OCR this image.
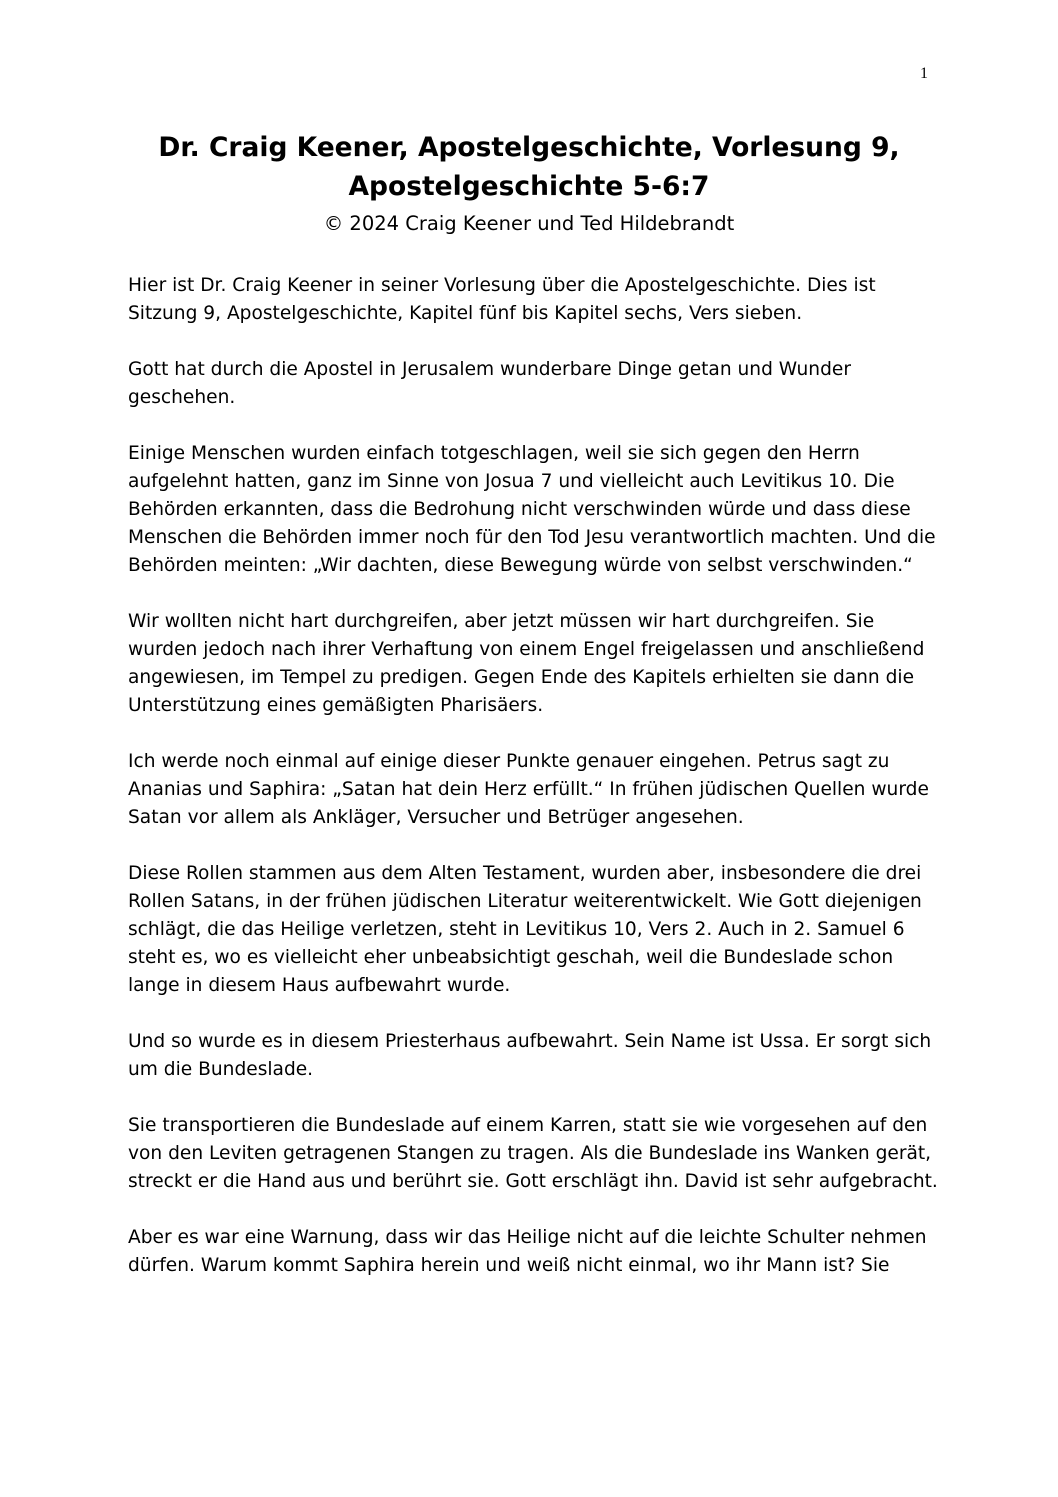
1
Dr. Craig Keener, Apostelgeschichte, Vorlesung 9,
Apostelgeschichte 5-6:7
© 2024 Craig Keener und Ted Hildebrandt

Hier ist Dr. Craig Keener in seiner Vorlesung über die Apostelgeschichte. Dies ist Sitzung 9, Apostelgeschichte, Kapitel fünf bis Kapitel sechs, Vers sieben.

Gott hat durch die Apostel in Jerusalem wunderbare Dinge getan und Wunder geschehen.

Einige Menschen wurden einfach totgeschlagen, weil sie sich gegen den Herrn aufgelehnt hatten, ganz im Sinne von Josua 7 und vielleicht auch Levitikus 10. Die Behörden erkannten, dass die Bedrohung nicht verschwinden würde und dass diese Menschen die Behörden immer noch für den Tod Jesu verantwortlich machten. Und die Behörden meinten: „Wir dachten, diese Bewegung würde von selbst verschwinden.“

Wir wollten nicht hart durchgreifen, aber jetzt müssen wir hart durchgreifen. Sie wurden jedoch nach ihrer Verhaftung von einem Engel freigelassen und anschließend angewiesen, im Tempel zu predigen. Gegen Ende des Kapitels erhielten sie dann die Unterstützung eines gemäßigten Pharisäers.

Ich werde noch einmal auf einige dieser Punkte genauer eingehen. Petrus sagt zu Ananias und Saphira: „Satan hat dein Herz erfüllt.“ In frühen jüdischen Quellen wurde Satan vor allem als Ankläger, Versucher und Betrüger angesehen.

Diese Rollen stammen aus dem Alten Testament, wurden aber, insbesondere die drei Rollen Satans, in der frühen jüdischen Literatur weiterentwickelt. Wie Gott diejenigen schlägt, die das Heilige verletzen, steht in Levitikus 10, Vers 2. Auch in 2. Samuel 6 steht es, wo es vielleicht eher unbeabsichtigt geschah, weil die Bundeslade schon lange in diesem Haus aufbewahrt wurde.

Und so wurde es in diesem Priesterhaus aufbewahrt. Sein Name ist Ussa. Er sorgt sich um die Bundeslade.

Sie transportieren die Bundeslade auf einem Karren, statt sie wie vorgesehen auf den von den Leviten getragenen Stangen zu tragen. Als die Bundeslade ins Wanken gerät, streckt er die Hand aus und berührt sie. Gott erschlägt ihn. David ist sehr aufgebracht.

Aber es war eine Warnung, dass wir das Heilige nicht auf die leichte Schulter nehmen dürfen. Warum kommt Saphira herein und weiß nicht einmal, wo ihr Mann ist? Sie
